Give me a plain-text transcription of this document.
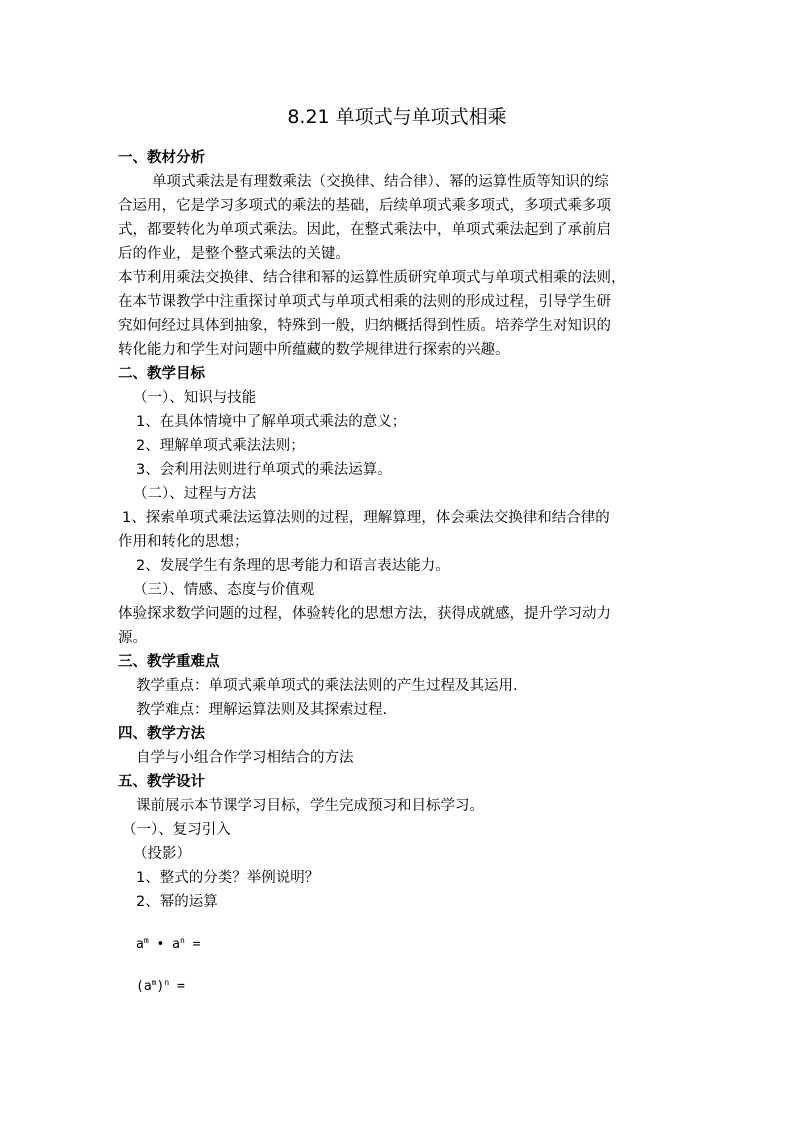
8.21 单项式与单项式相乘
一、教材分析
单项式乘法是有理数乘法（交换律、结合律）、幂的运算性质等知识的综
合运用，它是学习多项式的乘法的基础，后续单项式乘多项式，多项式乘多项
式，都要转化为单项式乘法。因此，在整式乘法中，单项式乘法起到了承前启
后的作业，是整个整式乘法的关键。
本节利用乘法交换律、结合律和幂的运算性质研究单项式与单项式相乘的法则，
在本节课教学中注重探讨单项式与单项式相乘的法则的形成过程，引导学生研
究如何经过具体到抽象，特殊到一般，归纳概括得到性质。培养学生对知识的
转化能力和学生对问题中所蕴藏的数学规律进行探索的兴趣。
二、教学目标
（一）、知识与技能
1、在具体情境中了解单项式乘法的意义；
2、理解单项式乘法法则；
3、会利用法则进行单项式的乘法运算。
（二）、过程与方法
1、探索单项式乘法运算法则的过程，理解算理，体会乘法交换律和结合律的
作用和转化的思想；
2、发展学生有条理的思考能力和语言表达能力。
（三）、情感、态度与价值观
体验探求数学问题的过程，体验转化的思想方法，获得成就感，提升学习动力
源。
三、教学重难点
教学重点：单项式乘单项式的乘法法则的产生过程及其运用.
教学难点：理解运算法则及其探索过程.
四、教学方法
自学与小组合作学习相结合的方法
五、教学设计
课前展示本节课学习目标，学生完成预习和目标学习。
（一）、复习引入
（投影）
1、整式的分类？举例说明？
2、幂的运算
$a^m$ • $a^n$ =
$(a^m)^n$ =
